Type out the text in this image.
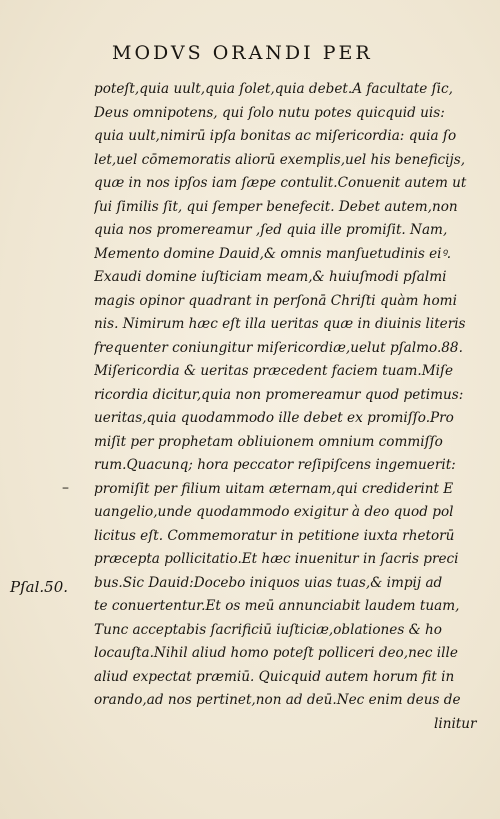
MODVS ORANDI PER
poteſt,quia uult,quia ſolet,quia debet.A facultate ſic,
Deus omnipotens, qui ſolo nutu potes quicquid uis:
quia uult,nimirū ipſa bonitas ac miſericordia: quia ſo
let,uel cōmemoratis aliorū exemplis,uel his beneficijs,
quæ in nos ipſos iam ſæpe contulit.Conuenit autem ut
ſui ſimilis ſit, qui ſemper benefecit. Debet autem,non
quia nos promereamur ,ſed quia ille promiſit. Nam,
Memento domine Dauid,& omnis manſuetudinis eiꝰ.
Exaudi domine iuſticiam meam,& huiuſmodi pſalmi
magis opinor quadrant in perſonā Chriſti quàm homi
nis. Nimirum hæc eſt illa ueritas quæ in diuinis literis
frequenter coniungitur miſericordiæ,uelut pſalmo.88.
Miſericordia & ueritas præcedent faciem tuam.Miſe
ricordia dicitur,quia non promereamur quod petimus:
ueritas,quia quodammodo ille debet ex promiſſo.Pro
miſit per prophetam obliuionem omnium commiſſo
rum.Quacunq; hora peccator reſipiſcens ingemuerit:
promiſit per filium uitam æternam,qui crediderint E
uangelio,unde quodammodo exigitur à deo quod pol
licitus eſt. Commemoratur in petitione iuxta rhetorū
præcepta pollicitatio.Et hæc inuenitur in ſacris preci
bus.Sic Dauid:Docebo iniquos uias tuas,& impij ad
te conuertentur.Et os meū annunciabit laudem tuam,
Tunc acceptabis ſacrificiū iuſticiæ,oblationes & ho
locauſta.Nihil aliud homo poteſt polliceri deo,nec ille
aliud expectat præmiū. Quicquid autem horum fit in
orando,ad nos pertinet,non ad deū.Nec enim deus de
linitur
–
Pſal.50.
